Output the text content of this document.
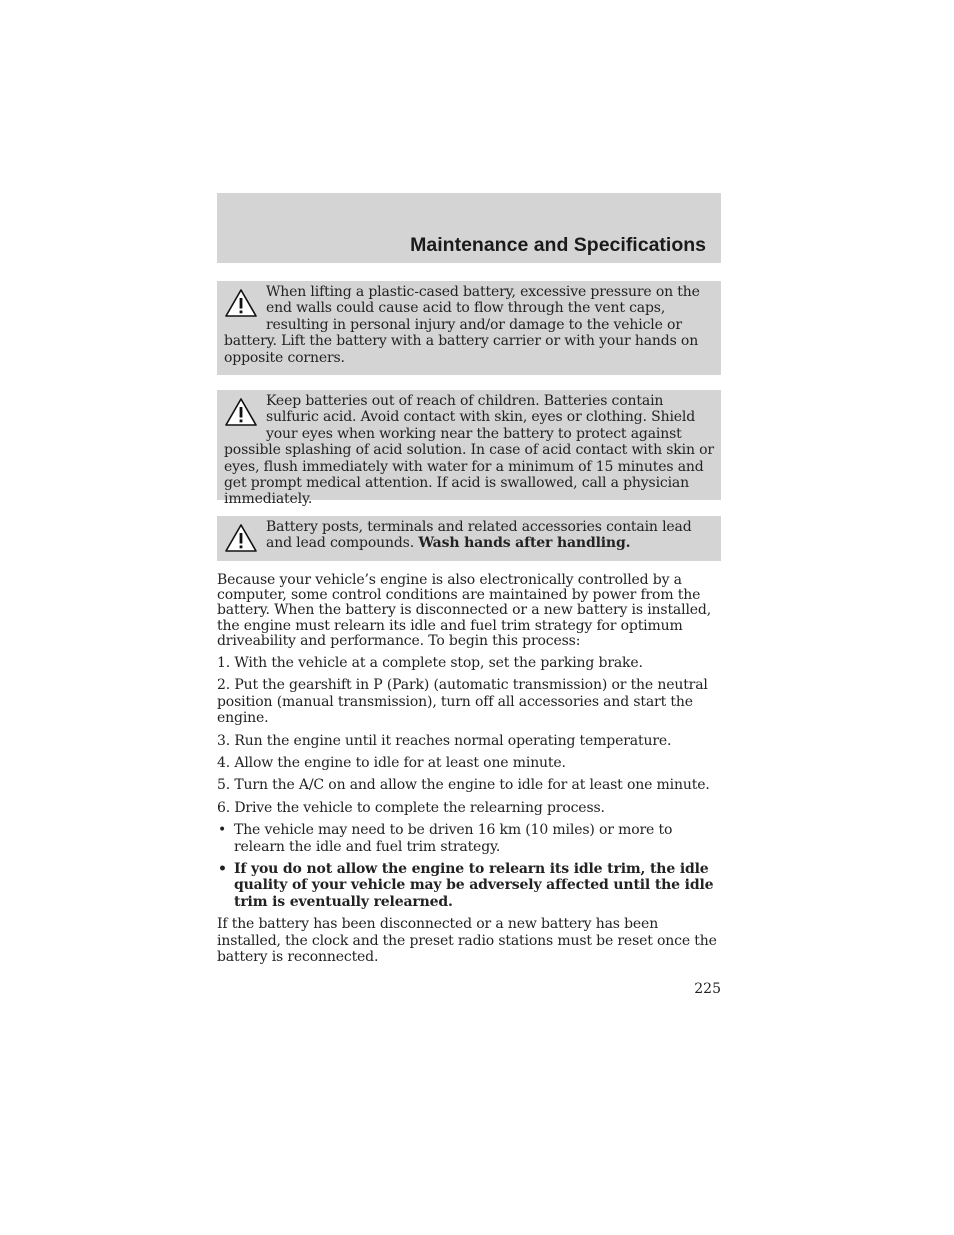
Maintenance and Specifications

When lifting a plastic-cased battery, excessive pressure on the end walls could cause acid to flow through the vent caps, resulting in personal injury and/or damage to the vehicle or battery. Lift the battery with a battery carrier or with your hands on opposite corners.

Keep batteries out of reach of children. Batteries contain sulfuric acid. Avoid contact with skin, eyes or clothing. Shield your eyes when working near the battery to protect against possible splashing of acid solution. In case of acid contact with skin or eyes, flush immediately with water for a minimum of 15 minutes and get prompt medical attention. If acid is swallowed, call a physician immediately.

Battery posts, terminals and related accessories contain lead and lead compounds. Wash hands after handling.

Because your vehicle’s engine is also electronically controlled by a computer, some control conditions are maintained by power from the battery. When the battery is disconnected or a new battery is installed, the engine must relearn its idle and fuel trim strategy for optimum driveability and performance. To begin this process:

1. With the vehicle at a complete stop, set the parking brake.

2. Put the gearshift in P (Park) (automatic transmission) or the neutral position (manual transmission), turn off all accessories and start the engine.

3. Run the engine until it reaches normal operating temperature.

4. Allow the engine to idle for at least one minute.

5. Turn the A/C on and allow the engine to idle for at least one minute.

6. Drive the vehicle to complete the relearning process.

• The vehicle may need to be driven 16 km (10 miles) or more to relearn the idle and fuel trim strategy.

• If you do not allow the engine to relearn its idle trim, the idle quality of your vehicle may be adversely affected until the idle trim is eventually relearned.

If the battery has been disconnected or a new battery has been installed, the clock and the preset radio stations must be reset once the battery is reconnected.

225
